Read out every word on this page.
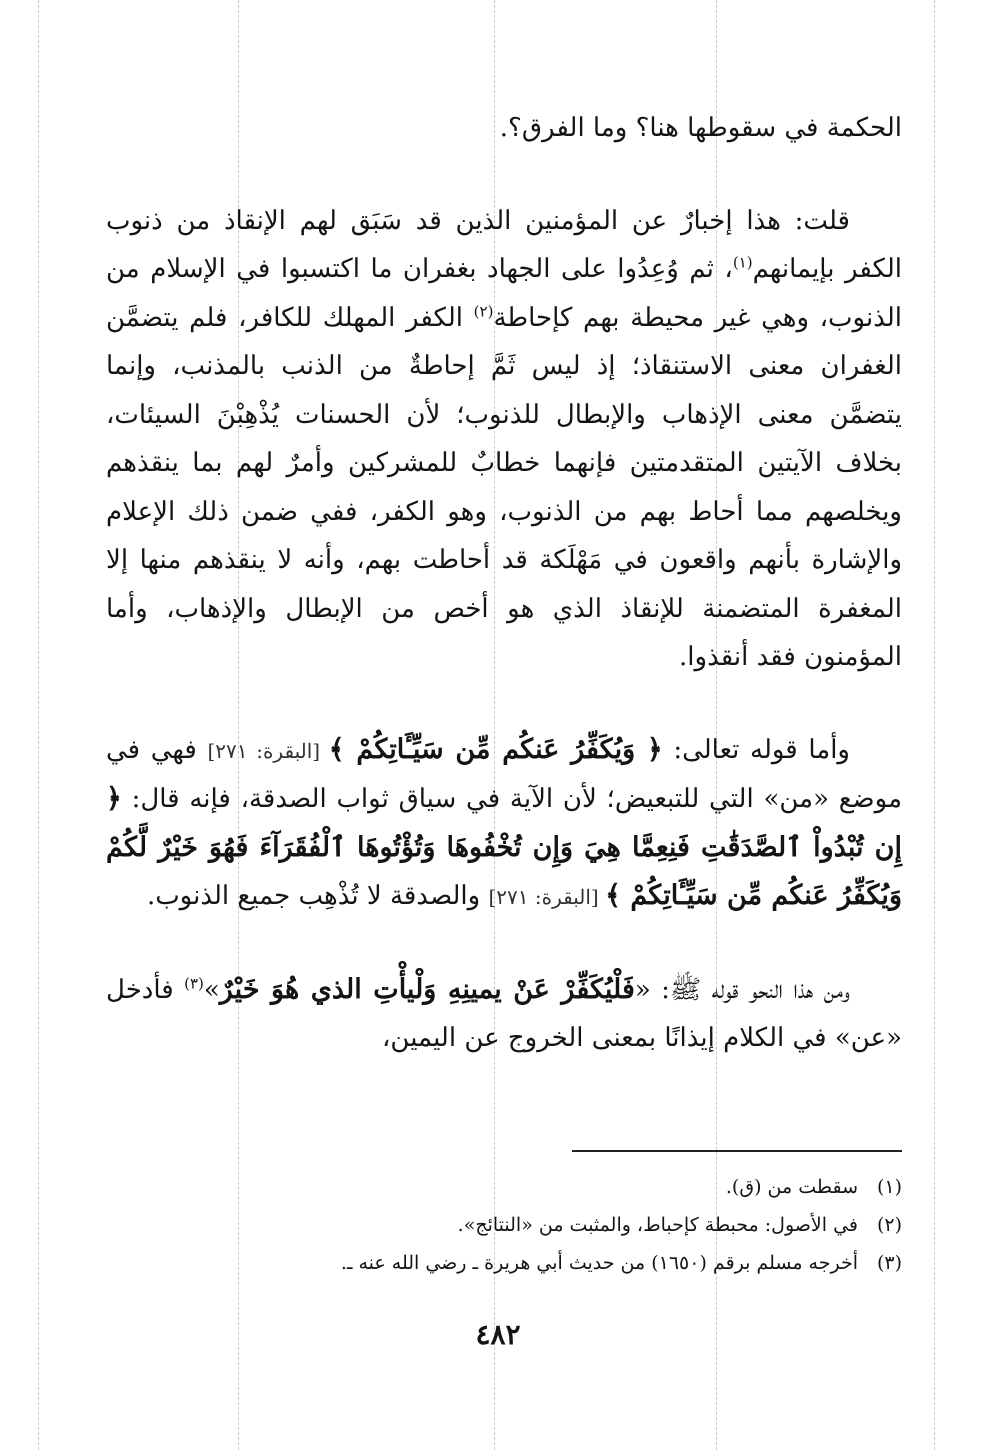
الحكمة في سقوطها هنا؟ وما الفرق؟.

قلت: هذا إخبارٌ عن المؤمنين الذين قد سَبَق لهم الإنقاذ من ذنوب الكفر بإيمانهم$^{(١)}$، ثم وُعِدُوا على الجهاد بغفران ما اكتسبوا في الإسلام من الذنوب، وهي غير محيطة بهم كإحاطة$^{(٢)}$ الكفر المهلك للكافر، فلم يتضمَّن الغفران معنى الاستنقاذ؛ إذ ليس ثَمَّ إحاطةٌ من الذنب بالمذنب، وإنما يتضمَّن معنى الإذهاب والإبطال للذنوب؛ لأن الحسنات يُذْهِبْنَ السيئات، بخلاف الآيتين المتقدمتين فإنهما خطابٌ للمشركين وأمرٌ لهم بما ينقذهم ويخلصهم مما أحاط بهم من الذنوب، وهو الكفر، ففي ضمن ذلك الإعلام والإشارة بأنهم واقعون في مَهْلَكة قد أحاطت بهم، وأنه لا ينقذهم منها إلا المغفرة المتضمنة للإنقاذ الذي هو أخص من الإبطال والإذهاب، وأما المؤمنون فقد أنقذوا.

وأما قوله تعالى: ﴿ وَيُكَفِّرُ عَنكُم مِّن سَيِّـَٔاتِكُمْ ﴾ [البقرة: ٢٧١] فهي في موضع «من» التي للتبعيض؛ لأن الآية في سياق ثواب الصدقة، فإنه قال: ﴿ إِن تُبْدُواْ ٱلصَّدَقَٰتِ فَنِعِمَّا هِيَ وَإِن تُخْفُوهَا وَتُؤْتُوهَا ٱلْفُقَرَآءَ فَهُوَ خَيْرٌ لَّكُمْ وَيُكَفِّرُ عَنكُم مِّن سَيِّـَٔاتِكُمْ ﴾ [البقرة: ٢٧١] والصدقة لا تُذْهِب جميع الذنوب.

ومن هذا النحو قوله ﷺ: «فَلْيُكَفِّرْ عَنْ يمينِهِ وَلْيأْتِ الذي هُوَ خَيْرٌ»$^{(٣)}$ فأدخل «عن» في الكلام إيذانًا بمعنى الخروج عن اليمين،

(١)
سقطت من (ق).
(٢)
في الأصول: محبطة كإحباط، والمثبت من «النتائج».
(٣)
أخرجه مسلم برقم (١٦٥٠) من حديث أبي هريرة ـ رضي الله عنه ـ.
٤٨٢
